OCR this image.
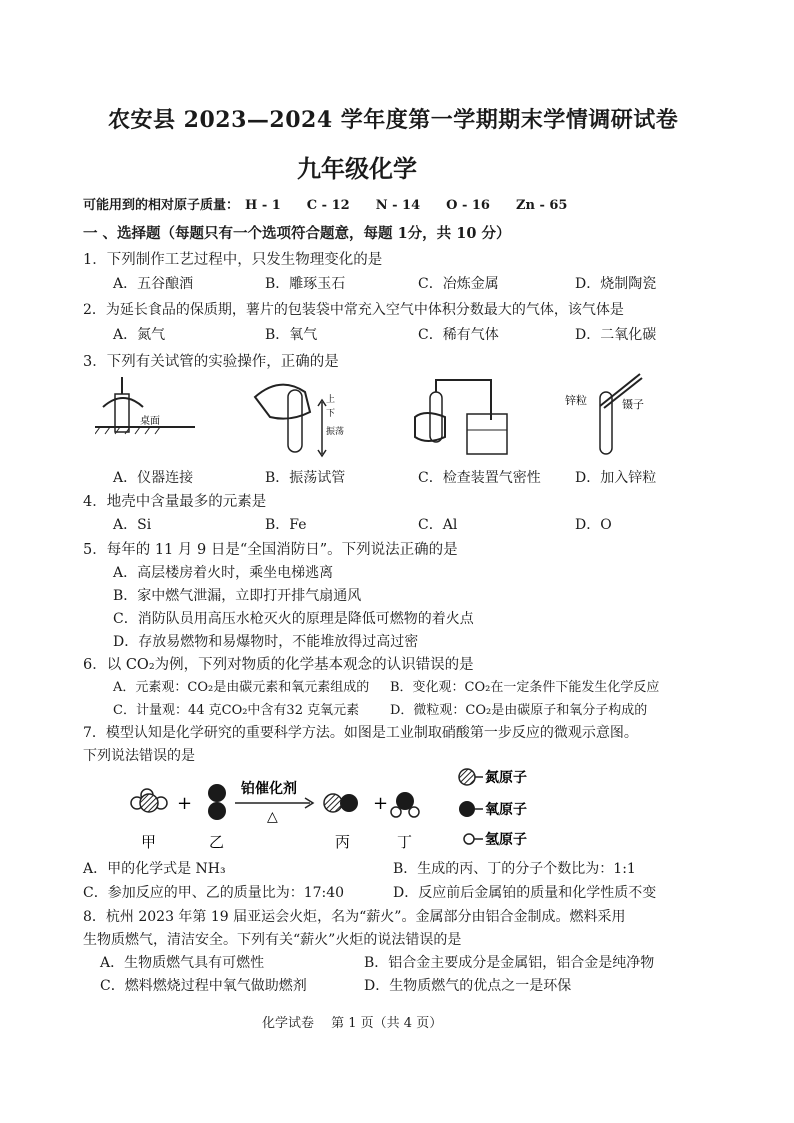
农安县 2023—2024 学年度第一学期期末学情调研试卷
九年级化学
可能用到的相对原子质量： H - 1 C - 12 N - 14 O - 16 Zn - 65
一 、选择题（每题只有一个选项符合题意，每题 1分，共 10 分）
1．下列制作工艺过程中，只发生物理变化的是
A．五谷酿酒	B．雕琢玉石	C．冶炼金属	D．烧制陶瓷
2．为延长食品的保质期，薯片的包装袋中常充入空气中体积分数最大的气体，该气体是
A．氮气	B．氧气	C．稀有气体	D．二氧化碳
3．下列有关试管的实验操作，正确的是
桌面
上
下
振荡
锌粒	镊子
A．仪器连接	B．振荡试管	C．检查装置气密性 D．加入锌粒
4．地壳中含量最多的元素是
A．Si	B．Fe	C．Al	D．O
5．每年的 11 月 9 日是“全国消防日”。下列说法正确的是
A．高层楼房着火时，乘坐电梯逃离
B．家中燃气泄漏，立即打开排气扇通风
C．消防队员用高压水枪灭火的原理是降低可燃物的着火点
D．存放易燃物和易爆物时，不能堆放得过高过密
6．以 CO₂为例，下列对物质的化学基本观念的认识错误的是
A．元素观：CO₂是由碳元素和氧元素组成的 B．变化观：CO₂在一定条件下能发生化学反应
C．计量观：44 克CO₂中含有32 克氧元素 D．微粒观：CO₂是由碳原子和氧分子构成的
7．模型认知是化学研究的重要科学方法。如图是工业制取硝酸第一步反应的微观示意图。
下列说法错误的是
+
铂催化剂
△
+
甲	乙	丙	丁
氮原子
氧原子
氢原子
A．甲的化学式是 NH₃	B．生成的丙、丁的分子个数比为：1:1
C．参加反应的甲、乙的质量比为：17:40	D．反应前后金属铂的质量和化学性质不变
8．杭州 2023 年第 19 届亚运会火炬，名为“薪火”。金属部分由铝合金制成。燃料采用
生物质燃气，清洁安全。下列有关“薪火”火炬的说法错误的是
A．生物质燃气具有可燃性	B．铝合金主要成分是金属铝，铝合金是纯净物
C．燃料燃烧过程中氧气做助燃剂	D．生物质燃气的优点之一是环保
化学试卷　 第 1 页（共 4 页）
